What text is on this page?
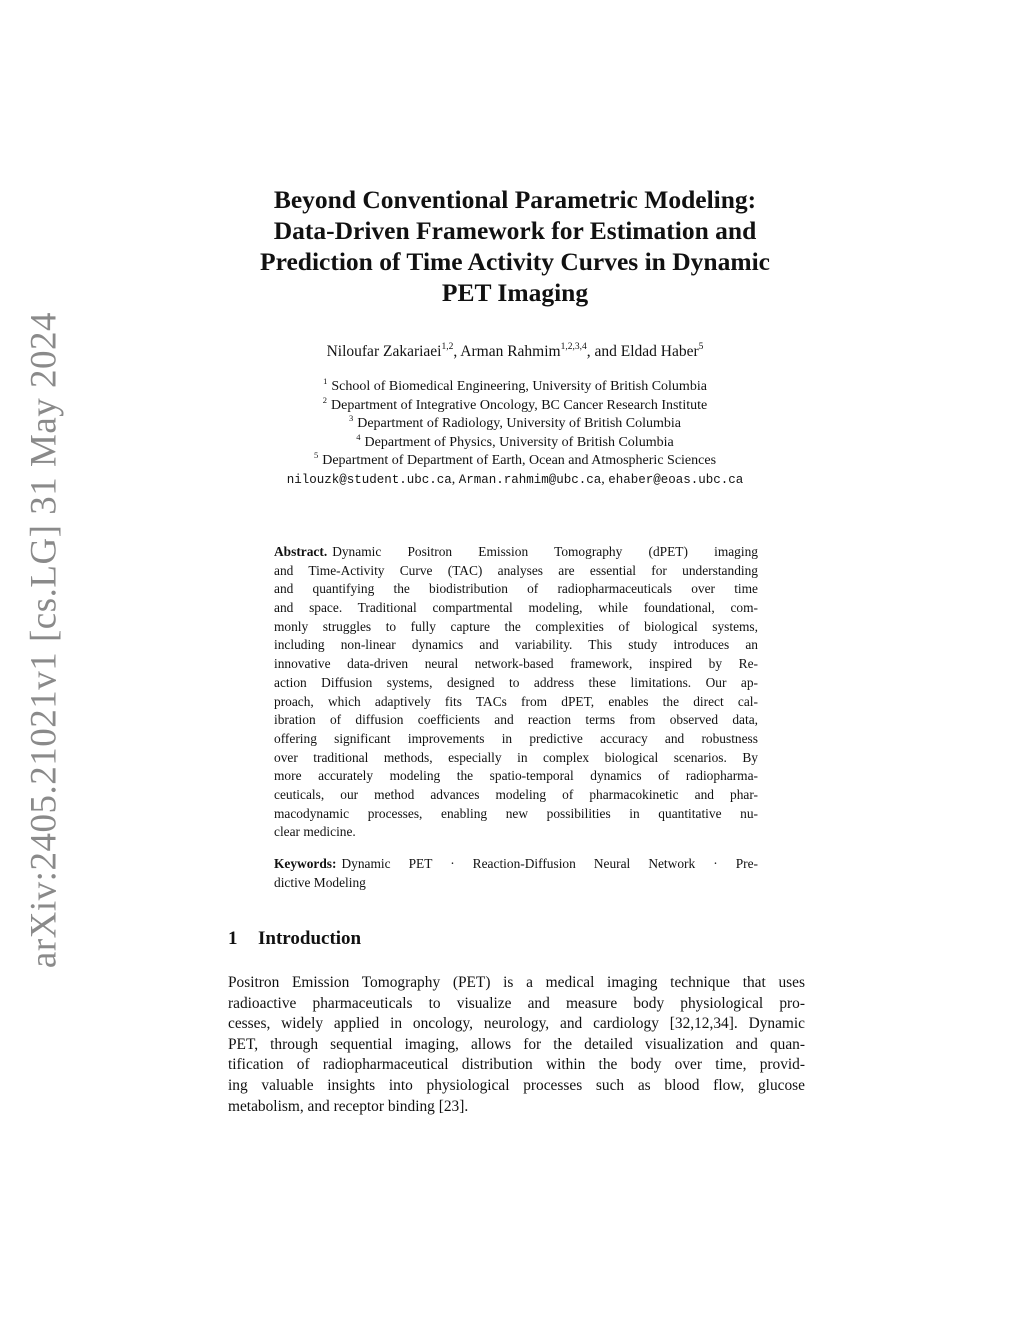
arXiv:2405.21021v1 [cs.LG] 31 May 2024
Beyond Conventional Parametric Modeling:
Data-Driven Framework for Estimation and
Prediction of Time Activity Curves in Dynamic
PET Imaging
Niloufar Zakariaei$^{1,2}$, Arman Rahmim$^{1,2,3,4}$, and Eldad Haber$^5$
$^1$ School of Biomedical Engineering, University of British Columbia
$^2$ Department of Integrative Oncology, BC Cancer Research Institute
$^3$ Department of Radiology, University of British Columbia
$^4$ Department of Physics, University of British Columbia
$^5$ Department of Department of Earth, Ocean and Atmospheric Sciences
nilouzk@student.ubc.ca, Arman.rahmim@ubc.ca, ehaber@eoas.ubc.ca
Abstract. Dynamic Positron Emission Tomography (dPET) imaging
and Time-Activity Curve (TAC) analyses are essential for understanding
and quantifying the biodistribution of radiopharmaceuticals over time
and space. Traditional compartmental modeling, while foundational, com-
monly struggles to fully capture the complexities of biological systems,
including non-linear dynamics and variability. This study introduces an
innovative data-driven neural network-based framework, inspired by Re-
action Diffusion systems, designed to address these limitations. Our ap-
proach, which adaptively fits TACs from dPET, enables the direct cal-
ibration of diffusion coefficients and reaction terms from observed data,
offering significant improvements in predictive accuracy and robustness
over traditional methods, especially in complex biological scenarios. By
more accurately modeling the spatio-temporal dynamics of radiopharma-
ceuticals, our method advances modeling of pharmacokinetic and phar-
macodynamic processes, enabling new possibilities in quantitative nu-
clear medicine.
Keywords: Dynamic PET · Reaction-Diffusion Neural Network · Pre-
dictive Modeling
1 Introduction
Positron Emission Tomography (PET) is a medical imaging technique that uses
radioactive pharmaceuticals to visualize and measure body physiological pro-
cesses, widely applied in oncology, neurology, and cardiology [32,12,34]. Dynamic
PET, through sequential imaging, allows for the detailed visualization and quan-
tification of radiopharmaceutical distribution within the body over time, provid-
ing valuable insights into physiological processes such as blood flow, glucose
metabolism, and receptor binding [23].
